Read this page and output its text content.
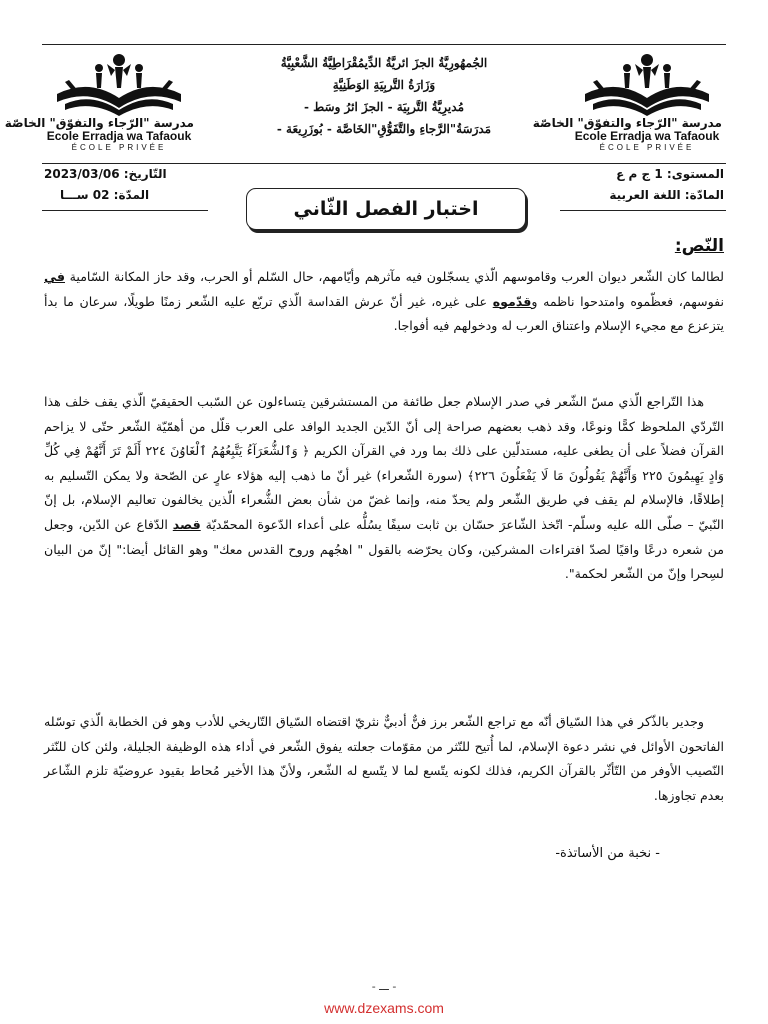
مدرسة "الرّجاء والتفوّق" الخاصّة
Ecole Erradja wa Tafaouk
ÉCOLE PRIVÉE
مدرسة "الرّجاء والتفوّق" الخاصّة
Ecole Erradja wa Tafaouk
ÉCOLE PRIVÉE
الجُمهُورِيَّةُ الجزَ ائريَّةُ الدِّيمُقْرَاطِيَّةُ الشَّعْبِيَّةُ
وَزَارَةُ التَّربِيَةِ الوَطَنِيَّةِ
مُديرِيَّةُ التَّربِيَة - الجزَ ائرُ وسَط -
مَدرَسَةُ"الرَّجاءِ والتَّفَوُّقِ"الخَاصَّة - بُوزَرِيعَة -
التّاريخ: 2023/03/06
المدّة: 02 ســـا
المستوى: 1 ج م ع
المادّة: اللغة العربية
اختبار الفصل الثّاني
النّص:
لطالما كان الشّعر ديوان العرب وقاموسهم الّذي يسجّلون فيه مآثرهم وأيّامهم، حال السّلم أو الحرب، وقد حاز المكانة السّامية في نفوسهم، فعظّموه وامتدحوا ناظمه وقدّموه على غيره، غير أنّ عرش القداسة الّذي تربّع عليه الشّعر زمنًا طويلًا، سرعان ما بدأ يتزعزع مع مجيء الإسلام واعتناق العرب له ودخولهم فيه أفواجا.
هذا التّراجع الّذي مسّ الشّعر في صدر الإسلام جعل طائفة من المستشرقين يتساءلون عن السّبب الحقيقيّ الّذي يقف خلف هذا التّردّي الملحوظ كمًّا ونوعًا، وقد ذهب بعضهم صراحة إلى أنّ الدّين الجديد الوافد على العرب قلّل من أهمّيّة الشّعر حتّى لا يزاحم القرآن فضلاً على أن يطغى عليه، مستدلّين على ذلك بما ورد في القرآن الكريم ﴿ وَٱلشُّعَرَآءُ يَتَّبِعُهُمُ ٱلْغَاوُنَ ٢٢٤ أَلَمْ تَرَ أَنَّهُمْ فِي كُلِّ وَادٍ يَهِيمُونَ ٢٢٥ وَأَنَّهُمْ يَقُولُونَ مَا لَا يَفْعَلُونَ ٢٢٦﴾ (سورة الشّعراء) غير أنّ ما ذهب إليه هؤلاء عارٍ عن الصّحة ولا يمكن التّسليم به إطلاقًا، فالإسلام لم يقف في طريق الشّعر ولم يحدّ منه، وإنما غضّ من شأن بعض الشُّعراء الّذين يخالفون تعاليم الإسلام، بل إنّ النّبيّ – صلّى الله عليه وسلّم- اتّخذ الشّاعرَ حسّان بن ثابت سيفًا يسُلُّه على أعداء الدّعوة المحمّديّة قصد الدّفاع عن الدّين، وجعل من شعره درعًا واقيًا لصدّ افتراءات المشركين، وكان يحرّضه بالقول " اهجُهم وروح القدس معك" وهو القائل أيضا:" إنّ من البيان لسِحرا وإنّ من الشّعر لحكمة".
وجدير بالذّكر في هذا السّياق أنّه مع تراجع الشّعر برز فنٌّ أدبيٌّ نثريّ اقتضاه السّياق التّاريخي للأدب وهو فن الخطابة الّذي توسّله الفاتحون الأوائل في نشر دعوة الإسلام، لما أُتيح للنّثر من مقوّمات جعلته يفوق الشّعر في أداء هذه الوظيفة الجليلة، ولئن كان للنّثر النّصيب الأوفر من التّأثّر بالقرآن الكريم، فذلك لكونه يتّسع لما لا يتّسع له الشّعر، ولأنّ هذا الأخير مُحاط بقيود عروضيّة تلزم الشّاعر بعدم تجاوزها.
- نخبة من الأساتذة-
- ـــ -
www.dzexams.com
